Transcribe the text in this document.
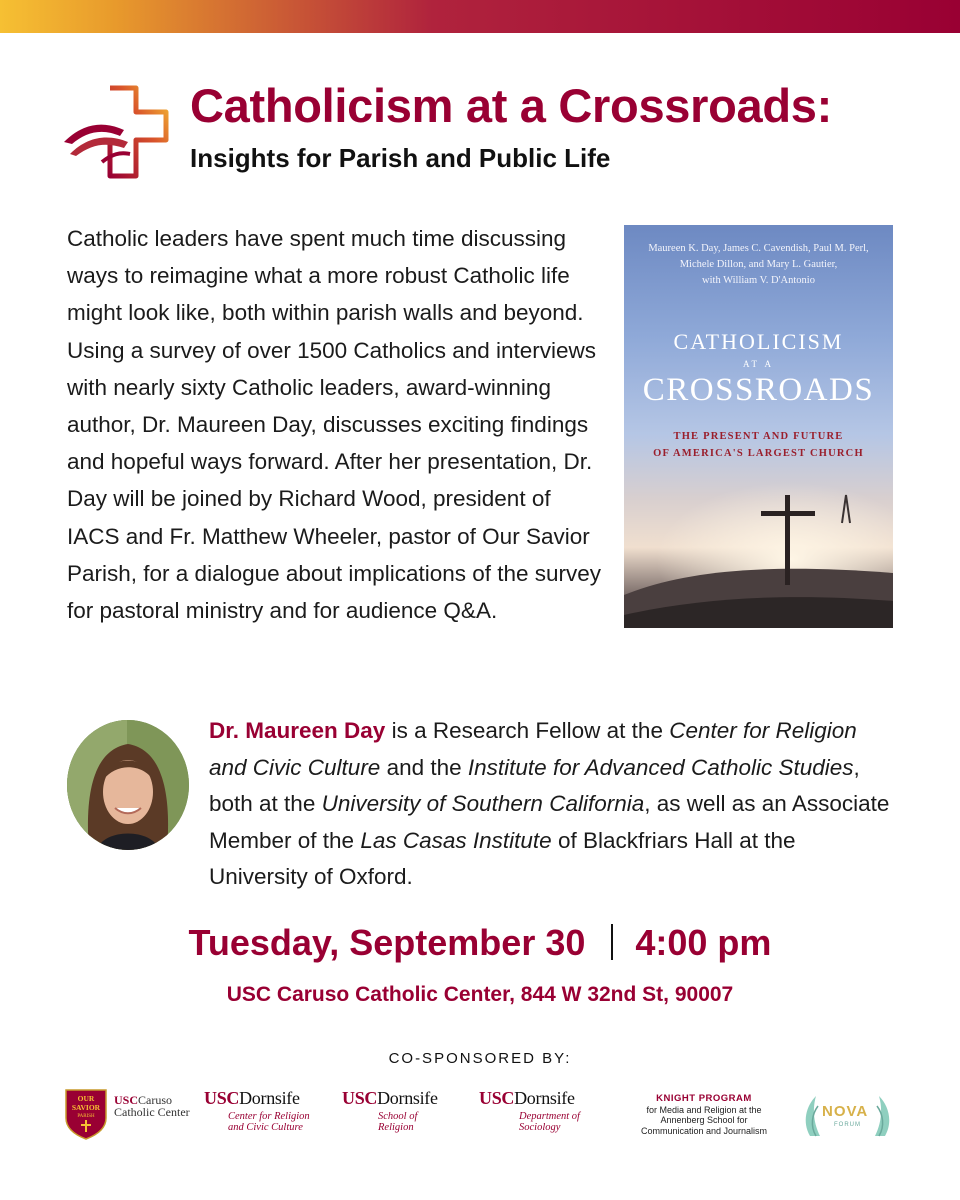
Catholicism at a Crossroads:
Insights for Parish and Public Life

Catholic leaders have spent much time discussing ways to reimagine what a more robust Catholic life might look like, both within parish walls and beyond. Using a survey of over 1500 Catholics and interviews with nearly sixty Catholic leaders, award-winning author, Dr. Maureen Day, discusses exciting findings and hopeful ways forward. After her presentation, Dr. Day will be joined by Richard Wood, president of IACS and Fr. Matthew Wheeler, pastor of Our Savior Parish, for a dialogue about implications of the survey for pastoral ministry and for audience Q&A.

Maureen K. Day, James C. Cavendish, Paul M. Perl,
Michele Dillon, and Mary L. Gautier,
with William V. D'Antonio
CATHOLICISM
AT A
CROSSROADS
THE PRESENT AND FUTURE
OF AMERICA'S LARGEST CHURCH

Dr. Maureen Day is a Research Fellow at the Center for Religion and Civic Culture and the Institute for Advanced Catholic Studies, both at the University of Southern California, as well as an Associate Member of the Las Casas Institute of Blackfriars Hall at the University of Oxford.

Tuesday, September 30 4:00 pm
USC Caruso Catholic Center, 844 W 32nd St, 90007
CO-SPONSORED BY:
OUR
SAVIOR
PARISH
USCCaruso
Catholic Center
USCDornsife
Center for Religion
and Civic Culture
USCDornsife
School of Religion
USCDornsife
Department of Sociology
KNIGHT PROGRAM
for Media and Religion at the
Annenberg School for
Communication and Journalism
NOVA
FORUM
